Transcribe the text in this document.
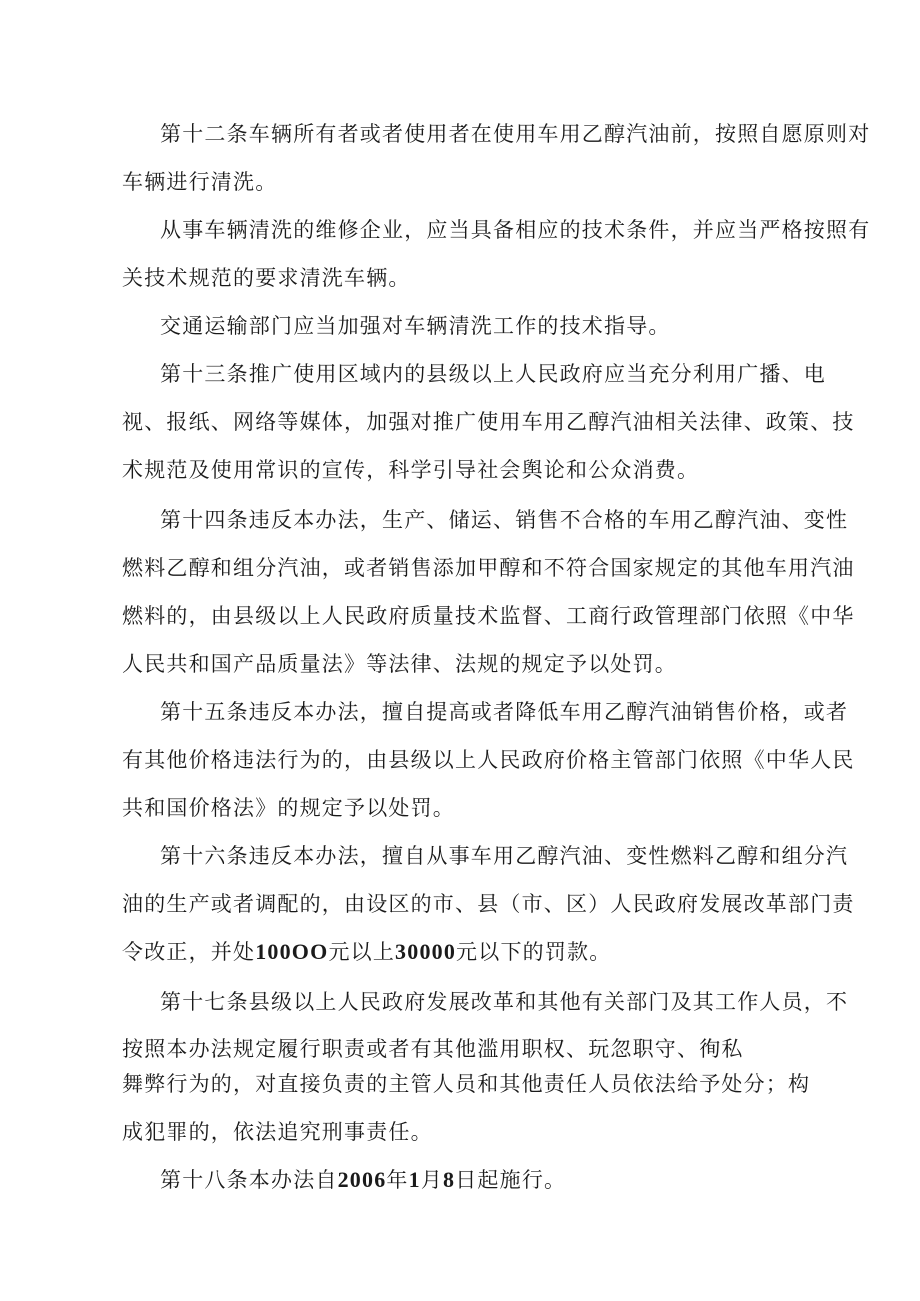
第十二条车辆所有者或者使用者在使用车用乙醇汽油前，按照自愿原则对
车辆进行清洗。
从事车辆清洗的维修企业，应当具备相应的技术条件，并应当严格按照有
关技术规范的要求清洗车辆。
交通运输部门应当加强对车辆清洗工作的技术指导。
第十三条推广使用区域内的县级以上人民政府应当充分利用广播、电
视、报纸、网络等媒体，加强对推广使用车用乙醇汽油相关法律、政策、技
术规范及使用常识的宣传，科学引导社会舆论和公众消费。
第十四条违反本办法，生产、储运、销售不合格的车用乙醇汽油、变性
燃料乙醇和组分汽油，或者销售添加甲醇和不符合国家规定的其他车用汽油
燃料的，由县级以上人民政府质量技术监督、工商行政管理部门依照《中华
人民共和国产品质量法》等法律、法规的规定予以处罚。
第十五条违反本办法，擅自提高或者降低车用乙醇汽油销售价格，或者
有其他价格违法行为的，由县级以上人民政府价格主管部门依照《中华人民
共和国价格法》的规定予以处罚。
第十六条违反本办法，擅自从事车用乙醇汽油、变性燃料乙醇和组分汽
油的生产或者调配的，由设区的市、县（市、区）人民政府发展改革部门责
令改正，并处100OO元以上30000元以下的罚款。
第十七条县级以上人民政府发展改革和其他有关部门及其工作人员，不
按照本办法规定履行职责或者有其他滥用职权、玩忽职守、徇私
舞弊行为的，对直接负责的主管人员和其他责任人员依法给予处分；构
成犯罪的，依法追究刑事责任。
第十八条本办法自2006年1月8日起施行。
